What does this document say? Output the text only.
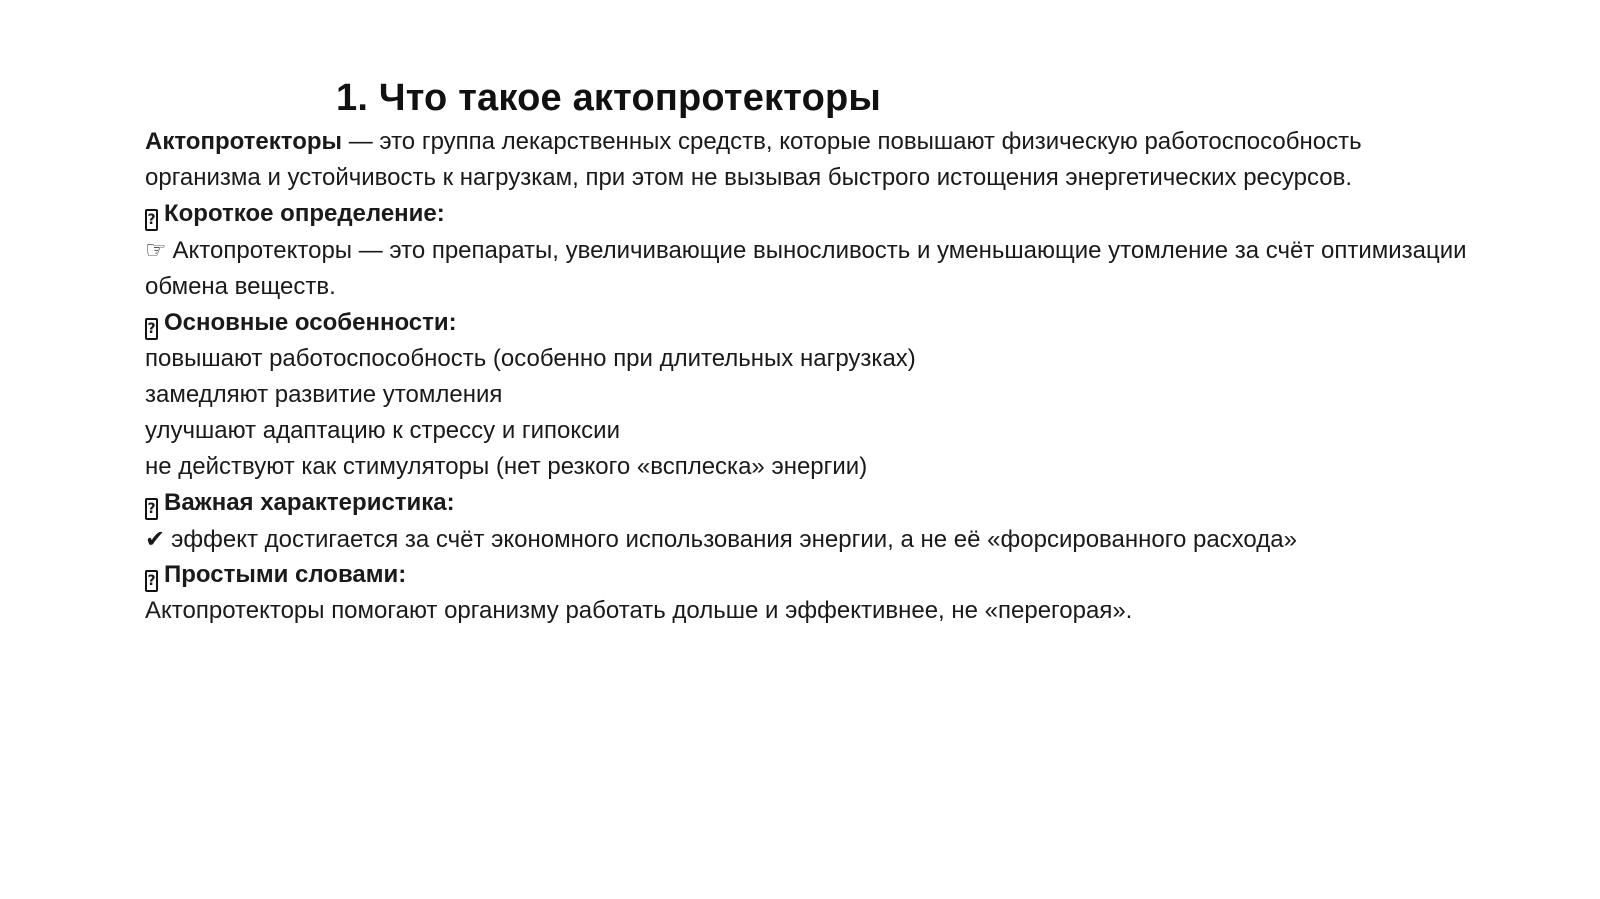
1. Что такое актопротекторы
Актопротекторы — это группа лекарственных средств, которые повышают физическую работоспособность организма и устойчивость к нагрузкам, при этом не вызывая быстрого истощения энергетических ресурсов.
? Короткое определение:
☞ Актопротекторы — это препараты, увеличивающие выносливость и уменьшающие утомление за счёт оптимизации обмена веществ.
? Основные особенности:
повышают работоспособность (особенно при длительных нагрузках)
замедляют развитие утомления
улучшают адаптацию к стрессу и гипоксии
не действуют как стимуляторы (нет резкого «всплеска» энергии)
? Важная характеристика:
✔ эффект достигается за счёт экономного использования энергии, а не её «форсированного расхода»
? Простыми словами:
Актопротекторы помогают организму работать дольше и эффективнее, не «перегорая».
